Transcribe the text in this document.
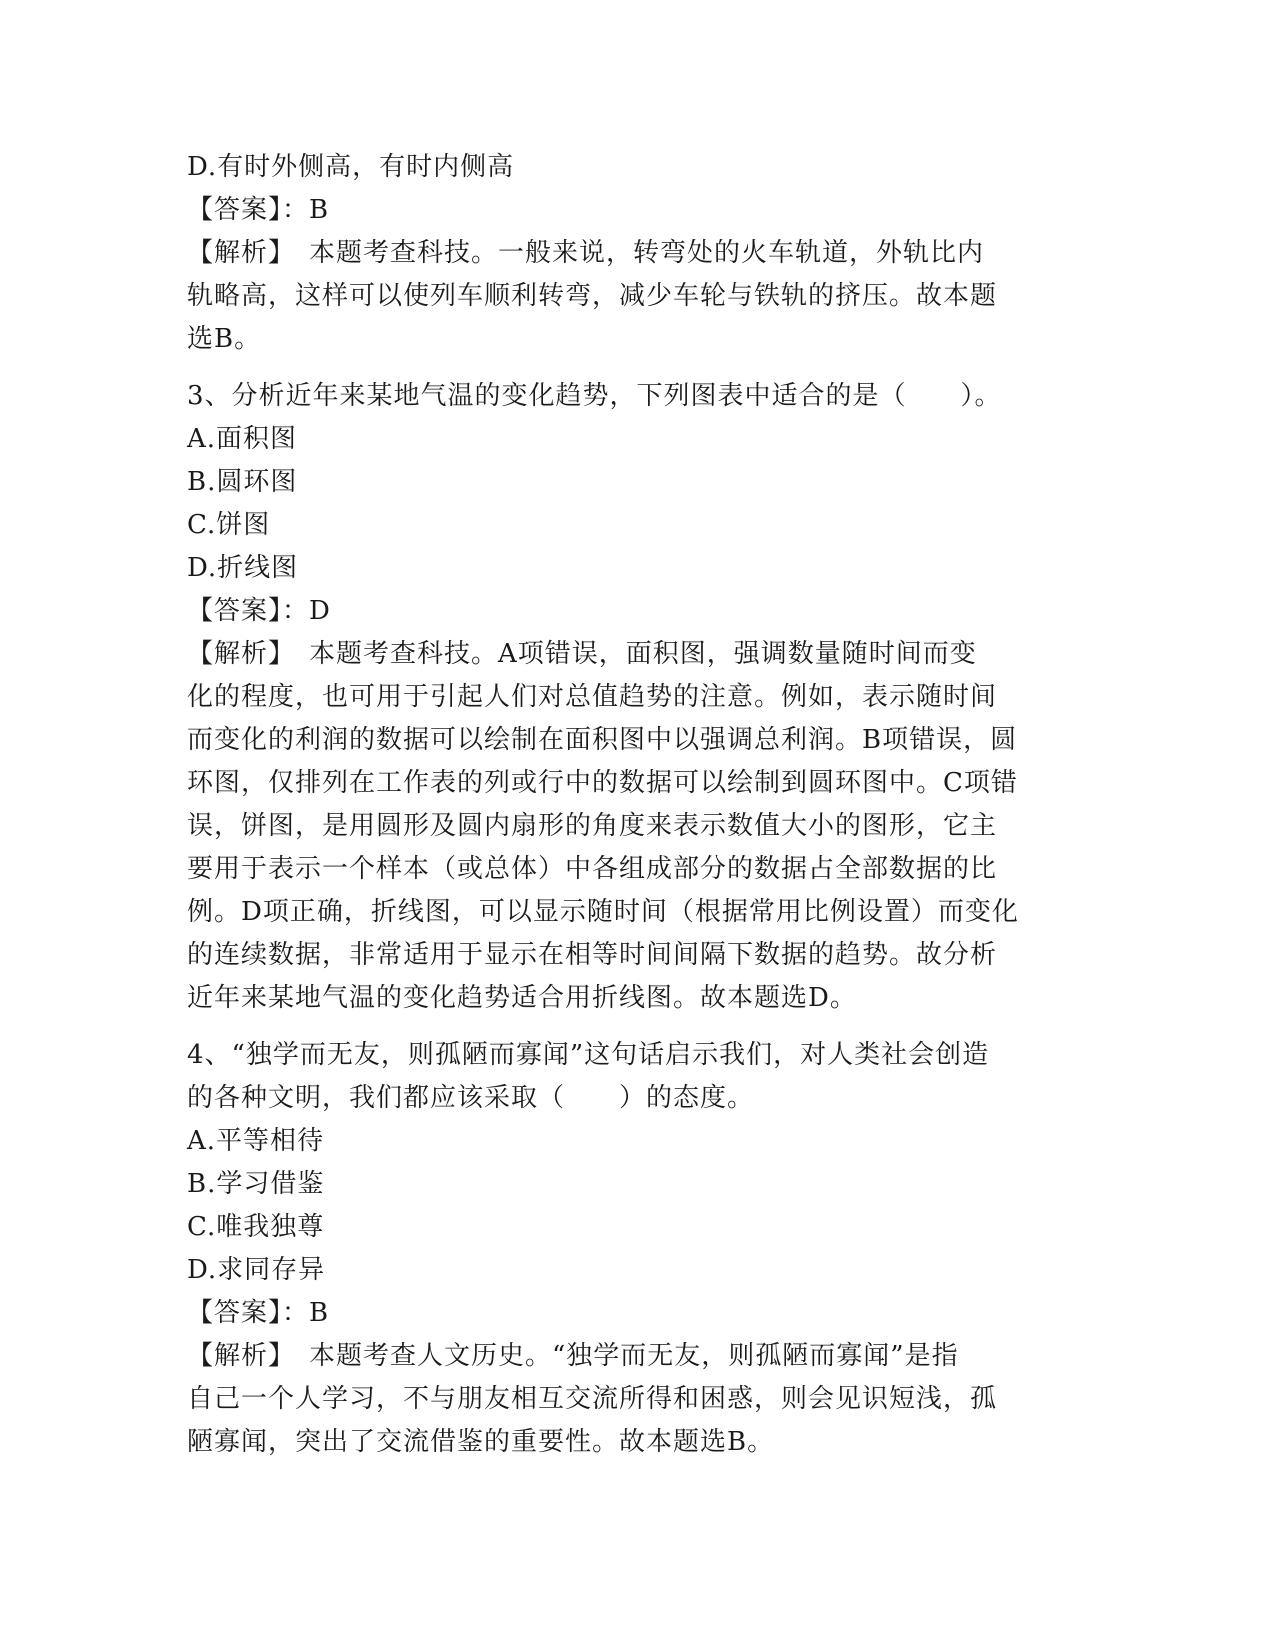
D.有时外侧高，有时内侧高
【答案】：B
【解析】　本题考查科技。一般来说，转弯处的火车轨道，外轨比内
轨略高，这样可以使列车顺利转弯，减少车轮与铁轨的挤压。故本题
选B。
3、分析近年来某地气温的变化趋势，下列图表中适合的是（　　）。
A.面积图
B.圆环图
C.饼图
D.折线图
【答案】：D
【解析】　本题考查科技。A项错误，面积图，强调数量随时间而变
化的程度，也可用于引起人们对总值趋势的注意。例如，表示随时间
而变化的利润的数据可以绘制在面积图中以强调总利润。B项错误，圆
环图，仅排列在工作表的列或行中的数据可以绘制到圆环图中。C项错
误，饼图，是用圆形及圆内扇形的角度来表示数值大小的图形，它主
要用于表示一个样本（或总体）中各组成部分的数据占全部数据的比
例。D项正确，折线图，可以显示随时间（根据常用比例设置）而变化
的连续数据，非常适用于显示在相等时间间隔下数据的趋势。故分析
近年来某地气温的变化趋势适合用折线图。故本题选D。
4、“独学而无友，则孤陋而寡闻”这句话启示我们，对人类社会创造
的各种文明，我们都应该采取（　　）的态度。
A.平等相待
B.学习借鉴
C.唯我独尊
D.求同存异
【答案】：B
【解析】　本题考查人文历史。“独学而无友，则孤陋而寡闻”是指
自己一个人学习，不与朋友相互交流所得和困惑，则会见识短浅，孤
陋寡闻，突出了交流借鉴的重要性。故本题选B。
